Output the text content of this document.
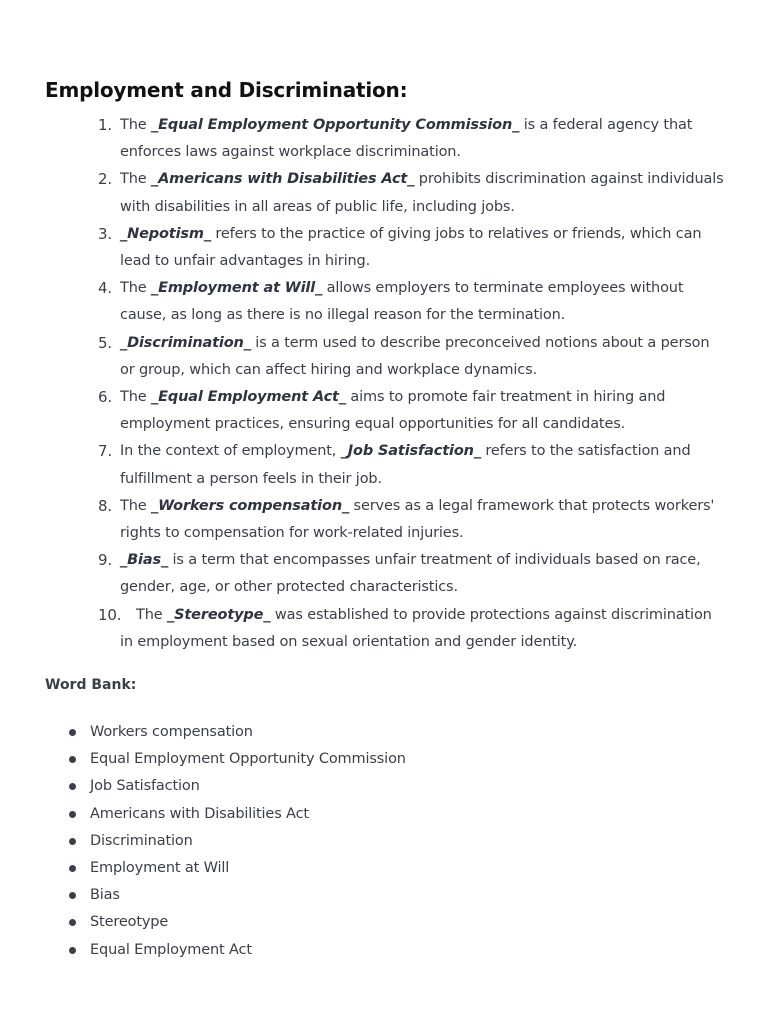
Employment and Discrimination:
1. The _Equal Employment Opportunity Commission_ is a federal agency that enforces laws against workplace discrimination.
2. The _Americans with Disabilities Act_ prohibits discrimination against individuals with disabilities in all areas of public life, including jobs.
3. _Nepotism_ refers to the practice of giving jobs to relatives or friends, which can lead to unfair advantages in hiring.
4. The _Employment at Will_ allows employers to terminate employees without cause, as long as there is no illegal reason for the termination.
5. _Discrimination_ is a term used to describe preconceived notions about a person or group, which can affect hiring and workplace dynamics.
6. The _Equal Employment Act_ aims to promote fair treatment in hiring and employment practices, ensuring equal opportunities for all candidates.
7. In the context of employment, _Job Satisfaction_ refers to the satisfaction and fulfillment a person feels in their job.
8. The _Workers compensation_ serves as a legal framework that protects workers' rights to compensation for work-related injuries.
9. _Bias_ is a term that encompasses unfair treatment of individuals based on race, gender, age, or other protected characteristics.
10. The _Stereotype_ was established to provide protections against discrimination in employment based on sexual orientation and gender identity.

Word Bank:

Workers compensation
Equal Employment Opportunity Commission
Job Satisfaction
Americans with Disabilities Act
Discrimination
Employment at Will
Bias
Stereotype
Equal Employment Act
